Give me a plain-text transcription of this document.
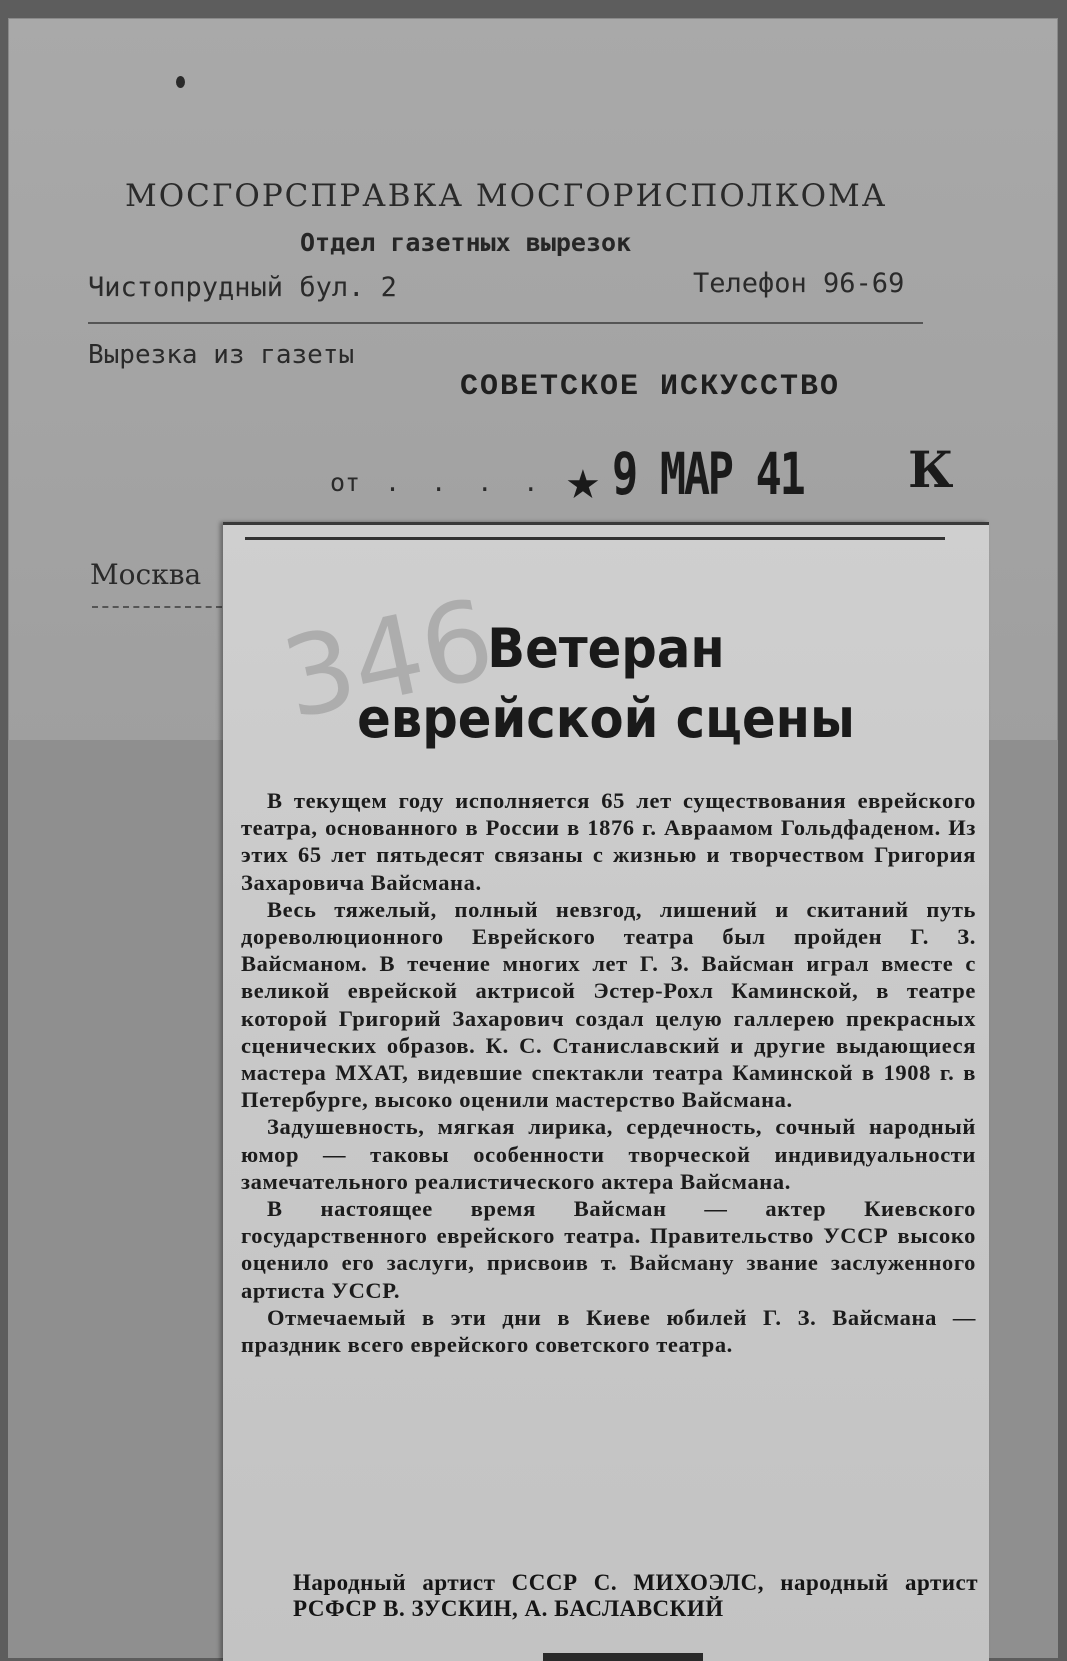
МОСГОРСПРАВКА МОСГОРИСПОЛКОМА
Отдел газетных вырезок
Чистопрудный бул. 2	Телефон 96-69
Вырезка из газеты
СОВЕТСКОЕ ИСКУССТВО
от . . . . ★ 9 МАР 41 К
Москва
346
Ветеран
еврейской сцены

В текущем году исполняется 65 лет существования еврейского театра, основанного в России в 1876 г. Авраамом Гольдфаденом. Из этих 65 лет пятьдесят связаны с жизнью и творчеством Григория Захаровича Вайсмана.

Весь тяжелый, полный невзгод, лишений и скитаний путь дореволюционного Еврейского театра был пройден Г. З. Вайсманом. В течение многих лет Г. З. Вайсман играл вместе с великой еврейской актрисой Эстер-Рохл Каминской, в театре которой Григорий Захарович создал целую галлерею прекрасных сценических образов. К. С. Станиславский и другие выдающиеся мастера МХАТ, видевшие спектакли театра Каминской в 1908 г. в Петербурге, высоко оценили мастерство Вайсмана.

Задушевность, мягкая лирика, сердечность, сочный народный юмор — таковы особенности творческой индивидуальности замечательного реалистического актера Вайсмана.

В настоящее время Вайсман — актер Киевского государственного еврейского театра. Правительство УССР высоко оценило его заслуги, присвоив т. Вайсману звание заслуженного артиста УССР.

Отмечаемый в эти дни в Киеве юбилей Г. З. Вайсмана — праздник всего еврейского советского театра.

Народный артист СССР С. МИХОЭЛС, народный артист РСФСР В. ЗУСКИН, А. БАСЛАВСКИЙ
